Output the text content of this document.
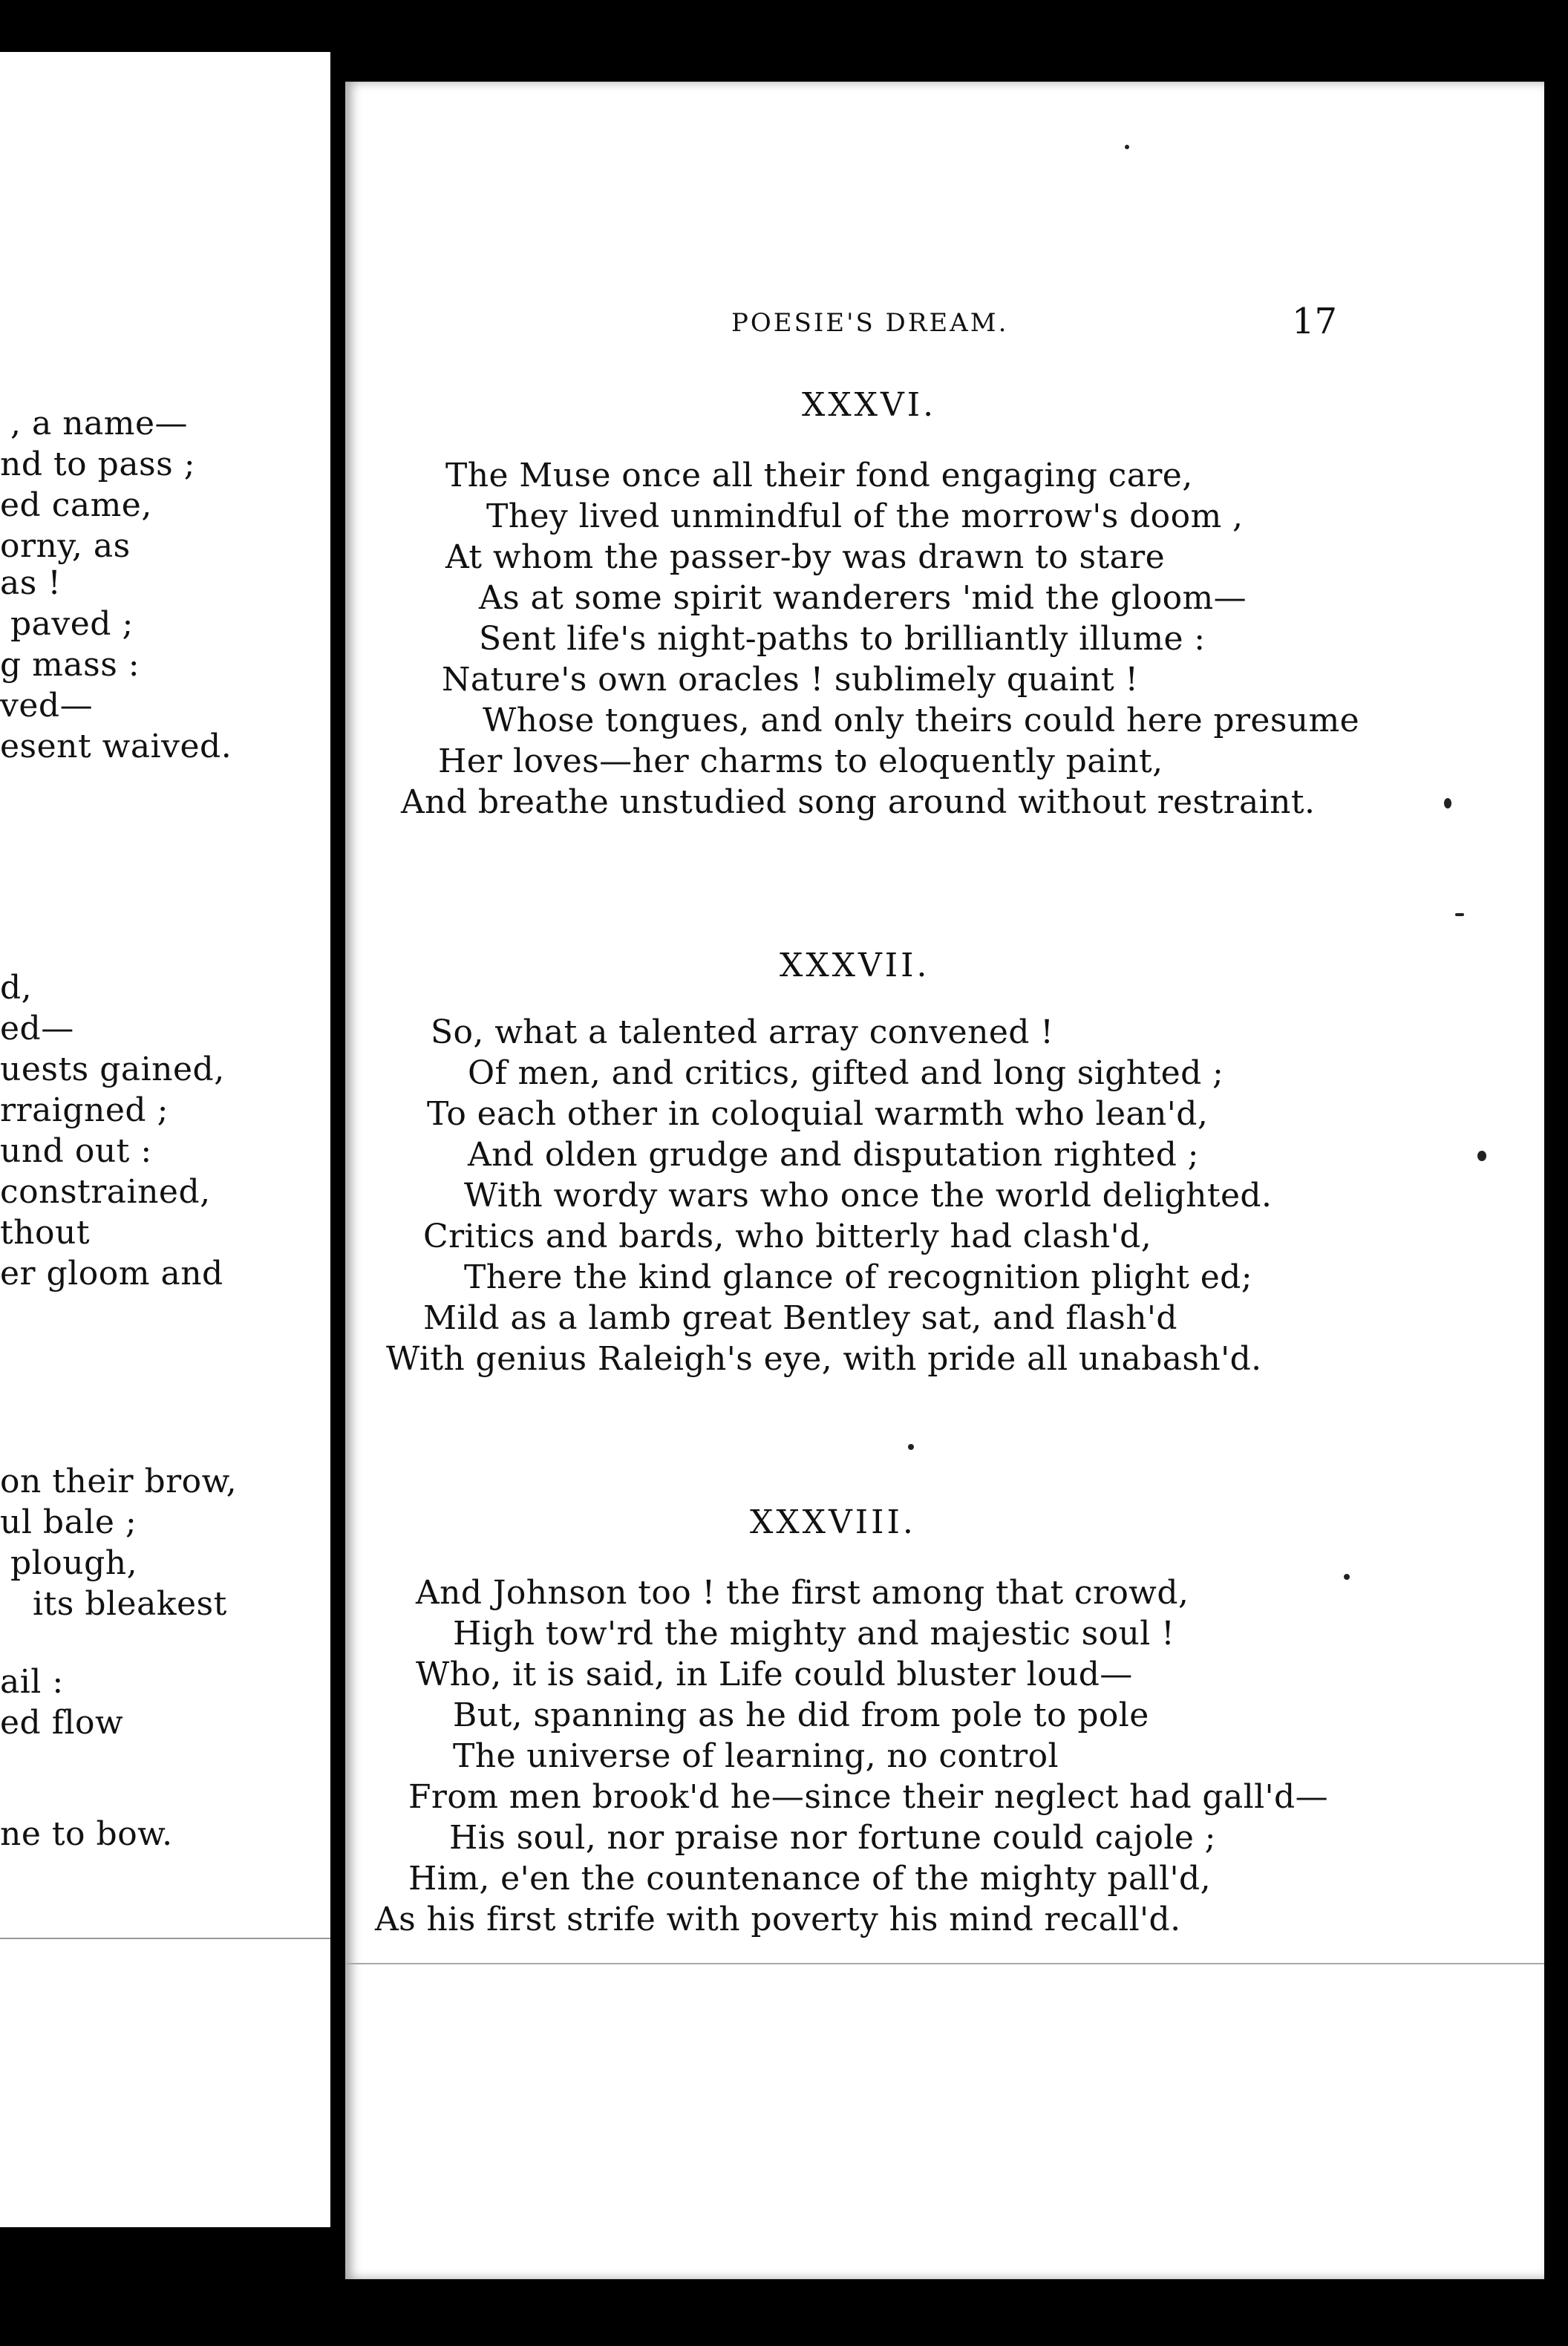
, a name—
nd to pass ;
ed came,
orny, as
as !
paved ;
g mass :
ved—
esent waived.
d,
ed—
uests gained,
rraigned ;
und out :
constrained,
thout
er gloom and
on their brow,
ul bale ;
plough,
its bleakest
ail :
ed flow
ne to bow.
POESIE'S DREAM.	17
XXXVI.
The Muse once all their fond engaging care,
They lived unmindful of the morrow's doom ,
At whom the passer-by was drawn to stare
As at some spirit wanderers 'mid the gloom—
Sent life's night-paths to brilliantly illume :
Nature's own oracles ! sublimely quaint !
Whose tongues, and only theirs could here presume
Her loves—her charms to eloquently paint,
And breathe unstudied song around without restraint.
XXXVII.
So, what a talented array convened !
Of men, and critics, gifted and long sighted ;
To each other in coloquial warmth who lean'd,
And olden grudge and disputation righted ;
With wordy wars who once the world delighted.
Critics and bards, who bitterly had clash'd,
There the kind glance of recognition plight ed;
Mild as a lamb great Bentley sat, and flash'd
With genius Raleigh's eye, with pride all unabash'd.
XXXVIII.
And Johnson too ! the first among that crowd,
High tow'rd the mighty and majestic soul !
Who, it is said, in Life could bluster loud—
But, spanning as he did from pole to pole
The universe of learning, no control
From men brook'd he—since their neglect had gall'd—
His soul, nor praise nor fortune could cajole ;
Him, e'en the countenance of the mighty pall'd,
As his first strife with poverty his mind recall'd.
